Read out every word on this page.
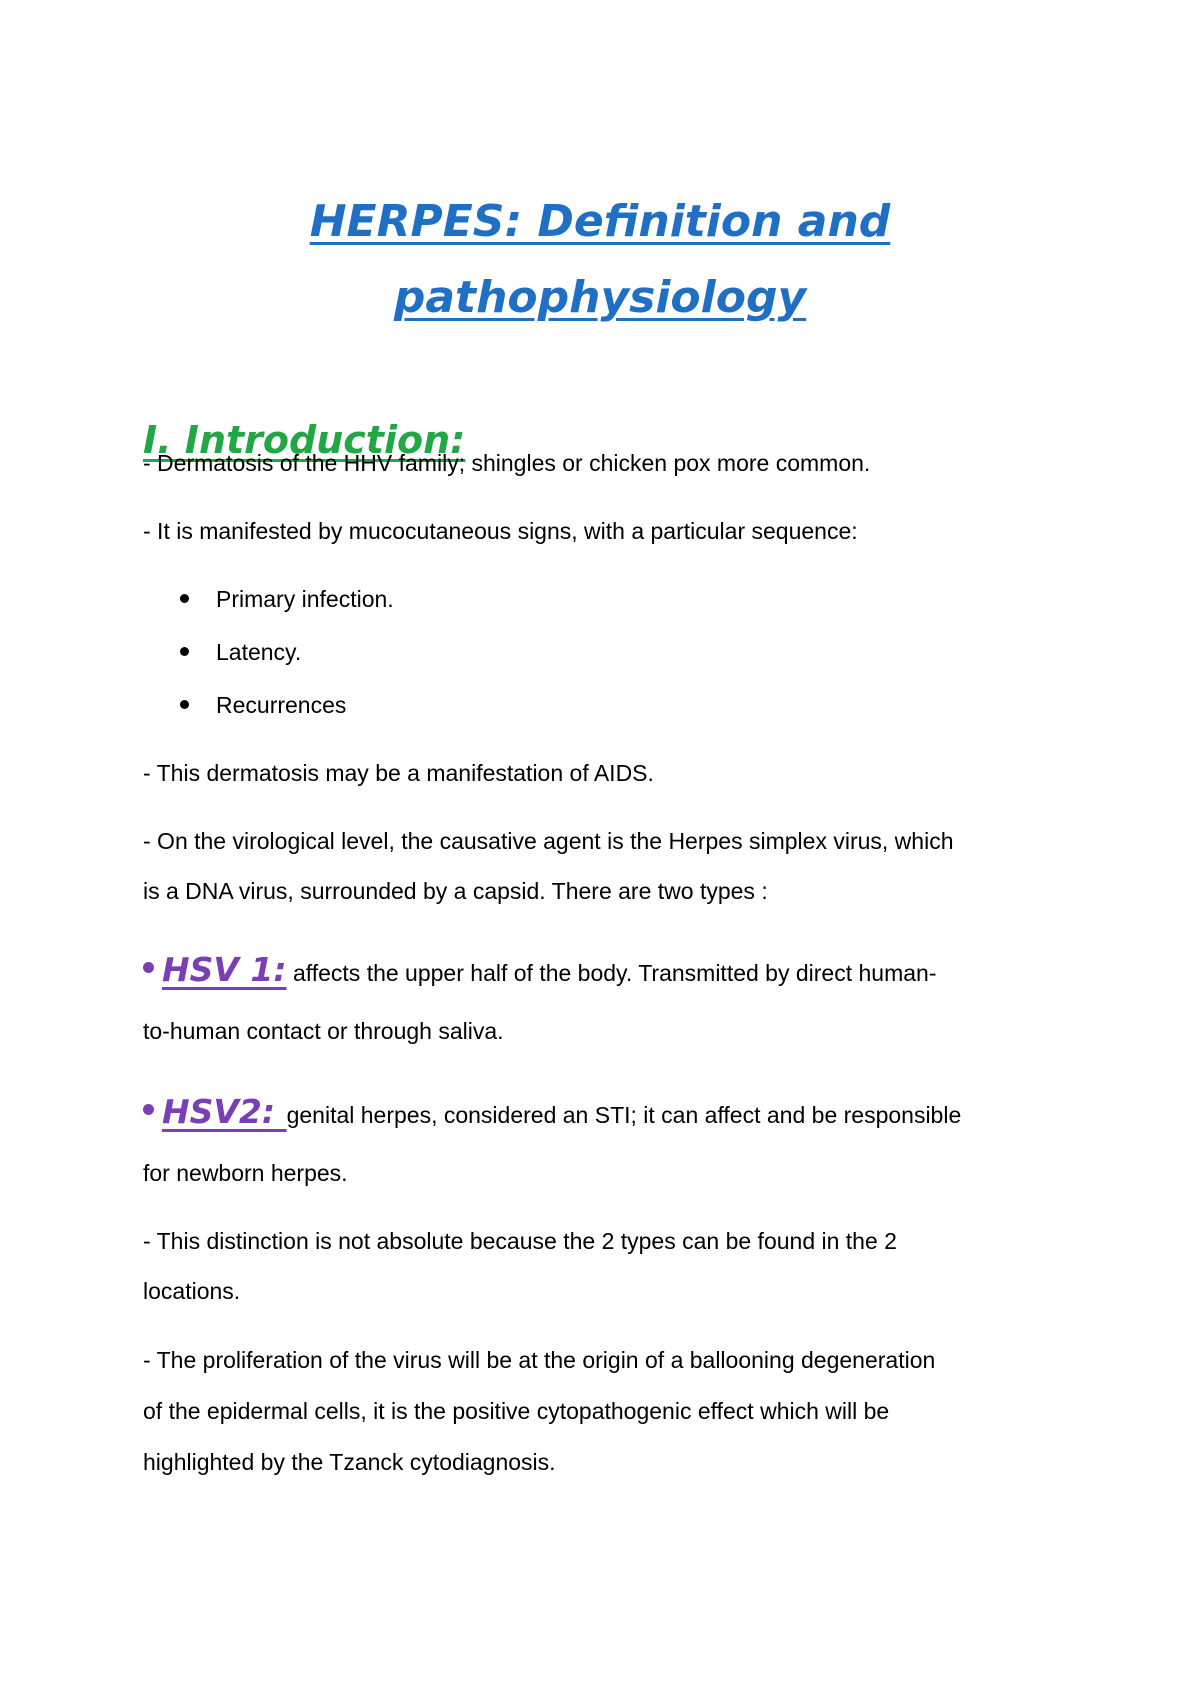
HERPES: Definition and
pathophysiology
I. Introduction:

- Dermatosis of the HHV family; shingles or chicken pox more common.

- It is manifested by mucocutaneous signs, with a particular sequence:

Primary infection.

Latency.

Recurrences

- This dermatosis may be a manifestation of AIDS.

- On the virological level, the causative agent is the Herpes simplex virus, which

is a DNA virus, surrounded by a capsid. There are two types :

HSV 1: affects the upper half of the body. Transmitted by direct human-

to-human contact or through saliva.

HSV2: genital herpes, considered an STI; it can affect and be responsible

for newborn herpes.

- This distinction is not absolute because the 2 types can be found in the 2

locations.

- The proliferation of the virus will be at the origin of a ballooning degeneration

of the epidermal cells, it is the positive cytopathogenic effect which will be

highlighted by the Tzanck cytodiagnosis.
